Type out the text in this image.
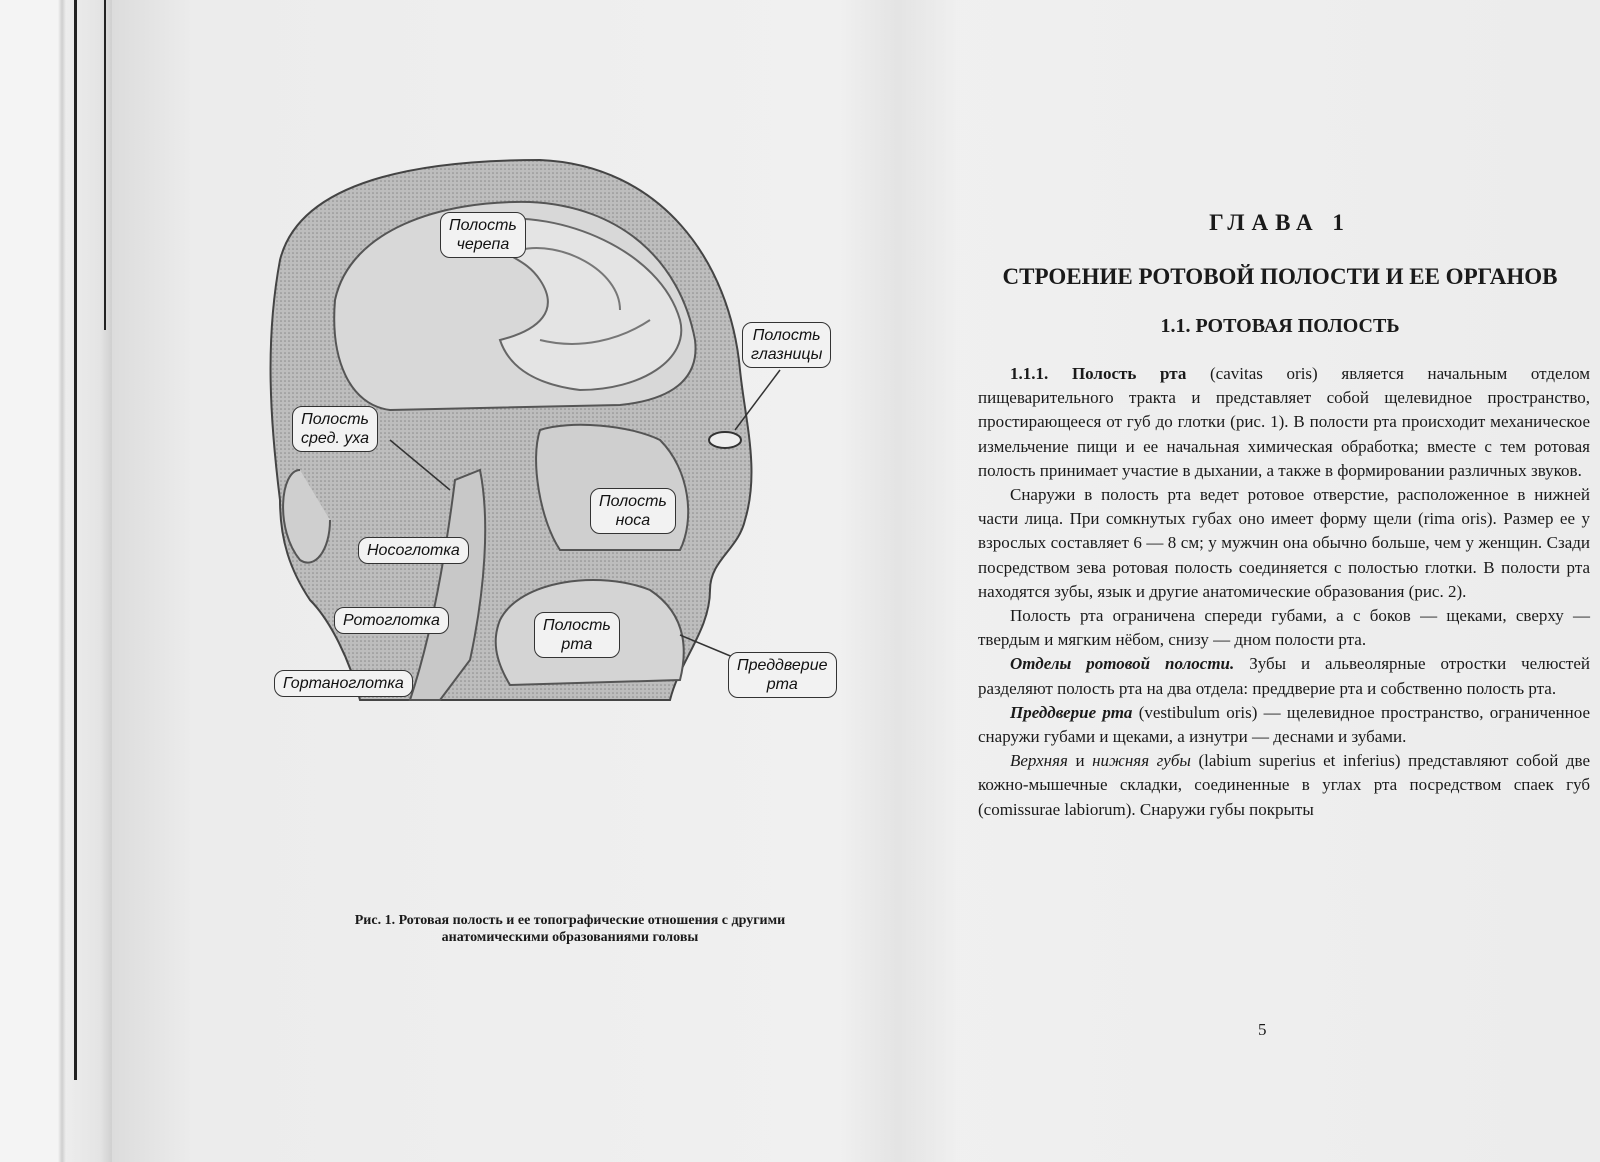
Полость
черепа
Полость
глазницы
Полость
сред. уха
Полость
носа
Носоглотка
Ротоглотка	Полость
рта
Гортаноглотка
Преддверие
рта
Рис. 1. Ротовая полость и ее топографические отношения с другими анатомическими образованиями головы
ГЛАВА 1
СТРОЕНИЕ РОТОВОЙ ПОЛОСТИ И ЕЕ ОРГАНОВ
1.1. РОТОВАЯ ПОЛОСТЬ

1.1.1. Полость рта (cavitas oris) является начальным отделом пищеварительного тракта и представляет собой щелевидное пространство, простирающееся от губ до глотки (рис. 1). В полости рта происходит механическое измельчение пищи и ее начальная химическая обработка; вместе с тем ротовая полость принимает участие в дыхании, а также в формировании различных звуков.

Снаружи в полость рта ведет ротовое отверстие, расположенное в нижней части лица. При сомкнутых губах оно имеет форму щели (rima oris). Размер ее у взрослых составляет 6 — 8 см; у мужчин она обычно больше, чем у женщин. Сзади посредством зева ротовая полость соединяется с полостью глотки. В полости рта находятся зубы, язык и другие анатомические образования (рис. 2).

Полость рта ограничена спереди губами, а с боков — щеками, сверху — твердым и мягким нёбом, снизу — дном полости рта.

Отделы ротовой полости. Зубы и альвеолярные отростки челюстей разделяют полость рта на два отдела: преддверие рта и собственно полость рта.

Преддверие рта (vestibulum oris) — щелевидное пространство, ограниченное снаружи губами и щеками, а изнутри — деснами и зубами.

Верхняя и нижняя губы (labium superius et inferius) представляют собой две кожно-мышечные складки, соединенные в углах рта посредством спаек губ (comissurae labiorum). Снаружи губы покрыты

5
